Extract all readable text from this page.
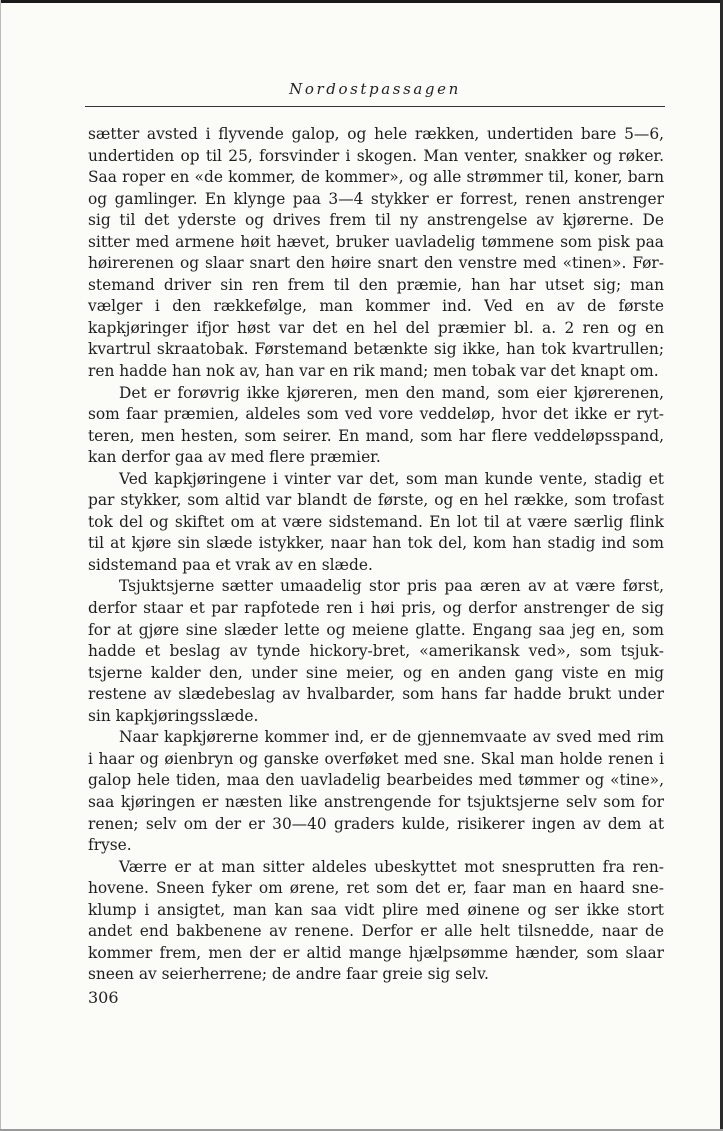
Nordostpassagen

sætter avsted i flyvende galop, og hele rækken, undertiden bare 5—6, undertiden op til 25, forsvinder i skogen. Man venter, snakker og røker. Saa roper en «de kommer, de kommer», og alle strømmer til, koner, barn og gamlinger. En klynge paa 3—4 stykker er forrest, renen anstrenger sig til det yderste og drives frem til ny anstrengelse av kjørerne. De sitter med armene høit hævet, bruker uavladelig tømmene som pisk paa høirerenen og slaar snart den høire snart den venstre med «tinen». Førstemand driver sin ren frem til den præmie, han har utset sig; man vælger i den rækkefølge, man kommer ind. Ved en av de første kapkjøringer ifjor høst var det en hel del præmier bl. a. 2 ren og en kvartrul skraatobak. Førstemand betænkte sig ikke, han tok kvartrullen; ren hadde han nok av, han var en rik mand; men tobak var det knapt om.

Det er forøvrig ikke kjøreren, men den mand, som eier kjørerenen, som faar præmien, aldeles som ved vore veddeløp, hvor det ikke er rytteren, men hesten, som seirer. En mand, som har flere veddeløpsspand, kan derfor gaa av med flere præmier.

Ved kapkjøringene i vinter var det, som man kunde vente, stadig et par stykker, som altid var blandt de første, og en hel række, som trofast tok del og skiftet om at være sidstemand. En lot til at være særlig flink til at kjøre sin slæde istykker, naar han tok del, kom han stadig ind som sidstemand paa et vrak av en slæde.

Tsjuktsjerne sætter umaadelig stor pris paa æren av at være først, derfor staar et par rapfotede ren i høi pris, og derfor anstrenger de sig for at gjøre sine slæder lette og meiene glatte. Engang saa jeg en, som hadde et beslag av tynde hickory-bret, «amerikansk ved», som tsjuktsjerne kalder den, under sine meier, og en anden gang viste en mig restene av slædebeslag av hvalbarder, som hans far hadde brukt under sin kapkjøringsslæde.

Naar kapkjørerne kommer ind, er de gjennemvaate av sved med rim i haar og øienbryn og ganske overføket med sne. Skal man holde renen i galop hele tiden, maa den uavladelig bearbeides med tømmer og «tine», saa kjøringen er næsten like anstrengende for tsjuktsjerne selv som for renen; selv om der er 30—40 graders kulde, risikerer ingen av dem at fryse.

Værre er at man sitter aldeles ubeskyttet mot snesprutten fra renhovene. Sneen fyker om ørene, ret som det er, faar man en haard sneklump i ansigtet, man kan saa vidt plire med øinene og ser ikke stort andet end bakbenene av renene. Derfor er alle helt tilsnedde, naar de kommer frem, men der er altid mange hjælpsømme hænder, som slaar sneen av seierherrene; de andre faar greie sig selv.

306
